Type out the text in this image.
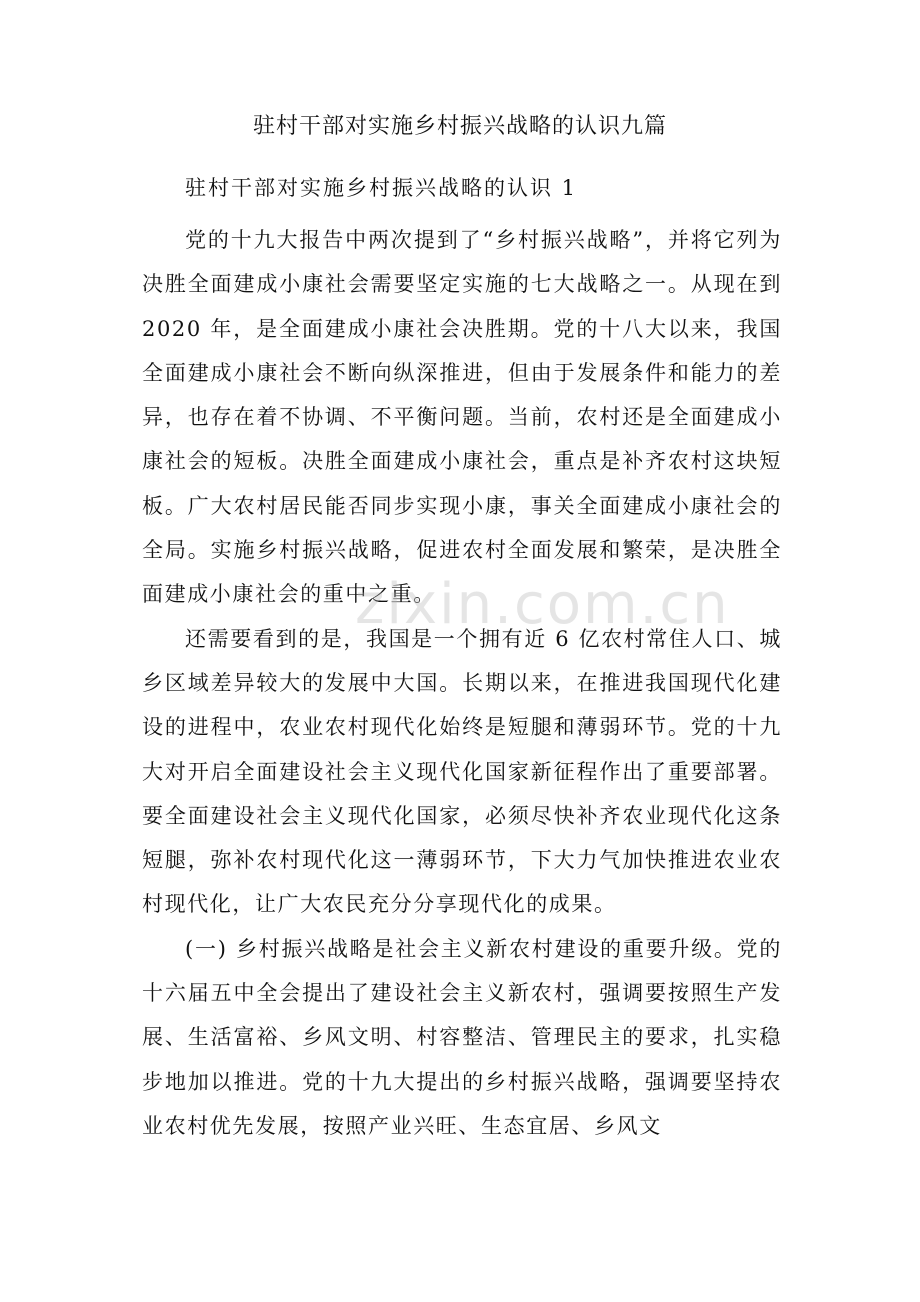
驻村干部对实施乡村振兴战略的认识九篇
驻村干部对实施乡村振兴战略的认识 1

党的十九大报告中两次提到了“乡村振兴战略”，并将它列为决胜全面建成小康社会需要坚定实施的七大战略之一。从现在到 2020 年，是全面建成小康社会决胜期。党的十八大以来，我国全面建成小康社会不断向纵深推进，但由于发展条件和能力的差异，也存在着不协调、不平衡问题。当前，农村还是全面建成小康社会的短板。决胜全面建成小康社会，重点是补齐农村这块短板。广大农村居民能否同步实现小康，事关全面建成小康社会的全局。实施乡村振兴战略，促进农村全面发展和繁荣，是决胜全面建成小康社会的重中之重。

还需要看到的是，我国是一个拥有近 6 亿农村常住人口、城乡区域差异较大的发展中大国。长期以来，在推进我国现代化建设的进程中，农业农村现代化始终是短腿和薄弱环节。党的十九大对开启全面建设社会主义现代化国家新征程作出了重要部署。要全面建设社会主义现代化国家，必须尽快补齐农业现代化这条短腿，弥补农村现代化这一薄弱环节，下大力气加快推进农业农村现代化，让广大农民充分分享现代化的成果。

(一) 乡村振兴战略是社会主义新农村建设的重要升级。党的十六届五中全会提出了建设社会主义新农村，强调要按照生产发展、生活富裕、乡风文明、村容整洁、管理民主的要求，扎实稳步地加以推进。党的十九大提出的乡村振兴战略，强调要坚持农业农村优先发展，按照产业兴旺、生态宜居、乡风文

zixin.com.cn
